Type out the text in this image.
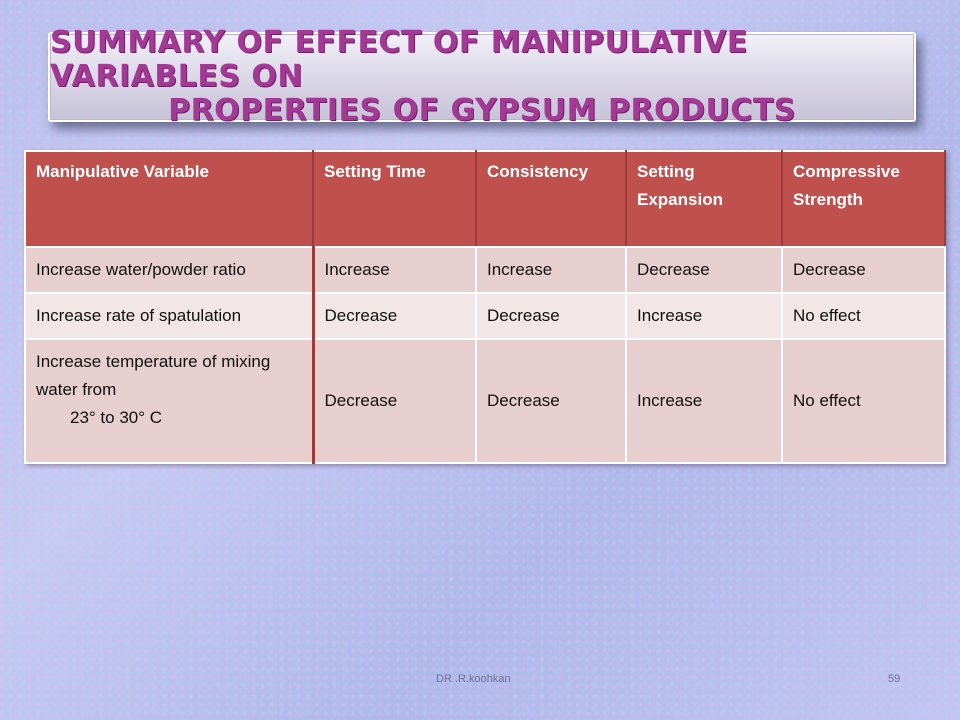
SUMMARY OF EFFECT OF MANIPULATIVE VARIABLES ON
PROPERTIES OF GYPSUM PRODUCTS
Manipulative Variable	Setting Time	Consistency	Setting Expansion	Compressive Strength
Increase water/powder ratio	Increase	Increase	Decrease	Decrease
Increase rate of spatulation	Decrease	Decrease	Increase	No effect
Increase temperature of mixing water from
23° to 30° C	Decrease	Decrease	Increase	No effect
DR .R.koohkan	59
